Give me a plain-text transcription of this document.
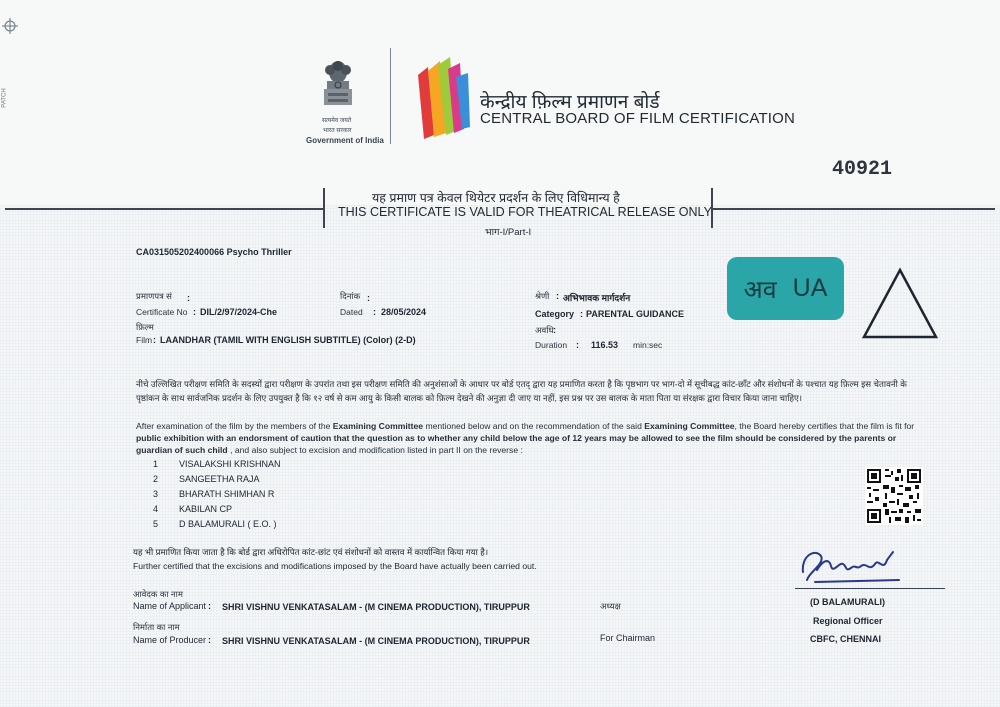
PATCH
सत्यमेव जयते
भारत सरकार
Government of India
केन्द्रीय फ़िल्म प्रमाणन बोर्ड
CENTRAL BOARD OF FILM CERTIFICATION
40921
यह प्रमाण पत्र केवल थियेटर प्रदर्शन के लिए विधिमान्य है
THIS CERTIFICATE IS VALID FOR THEATRICAL RELEASE ONLY
भाग-I/Part-I
CA031505202400066 Psycho Thriller
प्रमाणपत्र सं :
Certificate No : DIL/2/97/2024-Che
दिनांक :
Dated : 28/05/2024
श्रेणी : अभिभावक मार्गदर्शन
Category : PARENTAL GUIDANCE
फ़िल्म
Film : LAANDHAR (TAMIL WITH ENGLISH SUBTITLE) (Color) (2-D)
अवधि :
Duration : 116.53 min:sec
अव UA
नीचे उल्लिखित परीक्षण समिति के सदस्यों द्वारा परीक्षण के उपरांत तथा इस परीक्षण समिति की अनुशंसाओं के आधार पर बोर्ड एतद् द्वारा यह प्रमाणित करता है कि पृष्ठभाग पर भाग-दो में सूचीबद्ध कांट-छाँट और संशोधनों के पश्चात यह फ़िल्म इस चेतावनी के पृष्ठांकन के साथ सार्वजनिक प्रदर्शन के लिए उपयुक्त है कि १२ वर्ष से कम आयु के किसी बालक को फ़िल्म देखने की अनुज्ञा दी जाए या नहीं, इस प्रश्न पर उस बालक के माता पिता या संरक्षक द्वारा विचार किया जाना चाहिए।
After examination of the film by the members of the Examining Committee mentioned below and on the recommendation of the said Examining Committee, the Board hereby certifies that the film is fit for public exhibition with an endorsment of caution that the question as to whether any child below the age of 12 years may be allowed to see the film should be considered by the parents or guardian of such child , and also subject to excision and modification listed in part II on the reverse :
1 VISALAKSHI KRISHNAN
2 SANGEETHA RAJA
3 BHARATH SHIMHAN R
4 KABILAN CP
5 D BALAMURALI ( E.O. )
यह भी प्रमाणित किया जाता है कि बोर्ड द्वारा अधिरोपित कांट-छांट एवं संशोधनों को वास्तव में कार्यान्वित किया गया है।
Further certified that the excisions and modifications imposed by the Board have actually been carried out.
आवेदक का नाम
Name of Applicant : SHRI VISHNU VENKATASALAM - (M CINEMA PRODUCTION), TIRUPPUR
निर्माता का नाम
Name of Producer : SHRI VISHNU VENKATASALAM - (M CINEMA PRODUCTION), TIRUPPUR
अध्यक्ष
For Chairman
(D BALAMURALI)
Regional Officer
CBFC, CHENNAI
